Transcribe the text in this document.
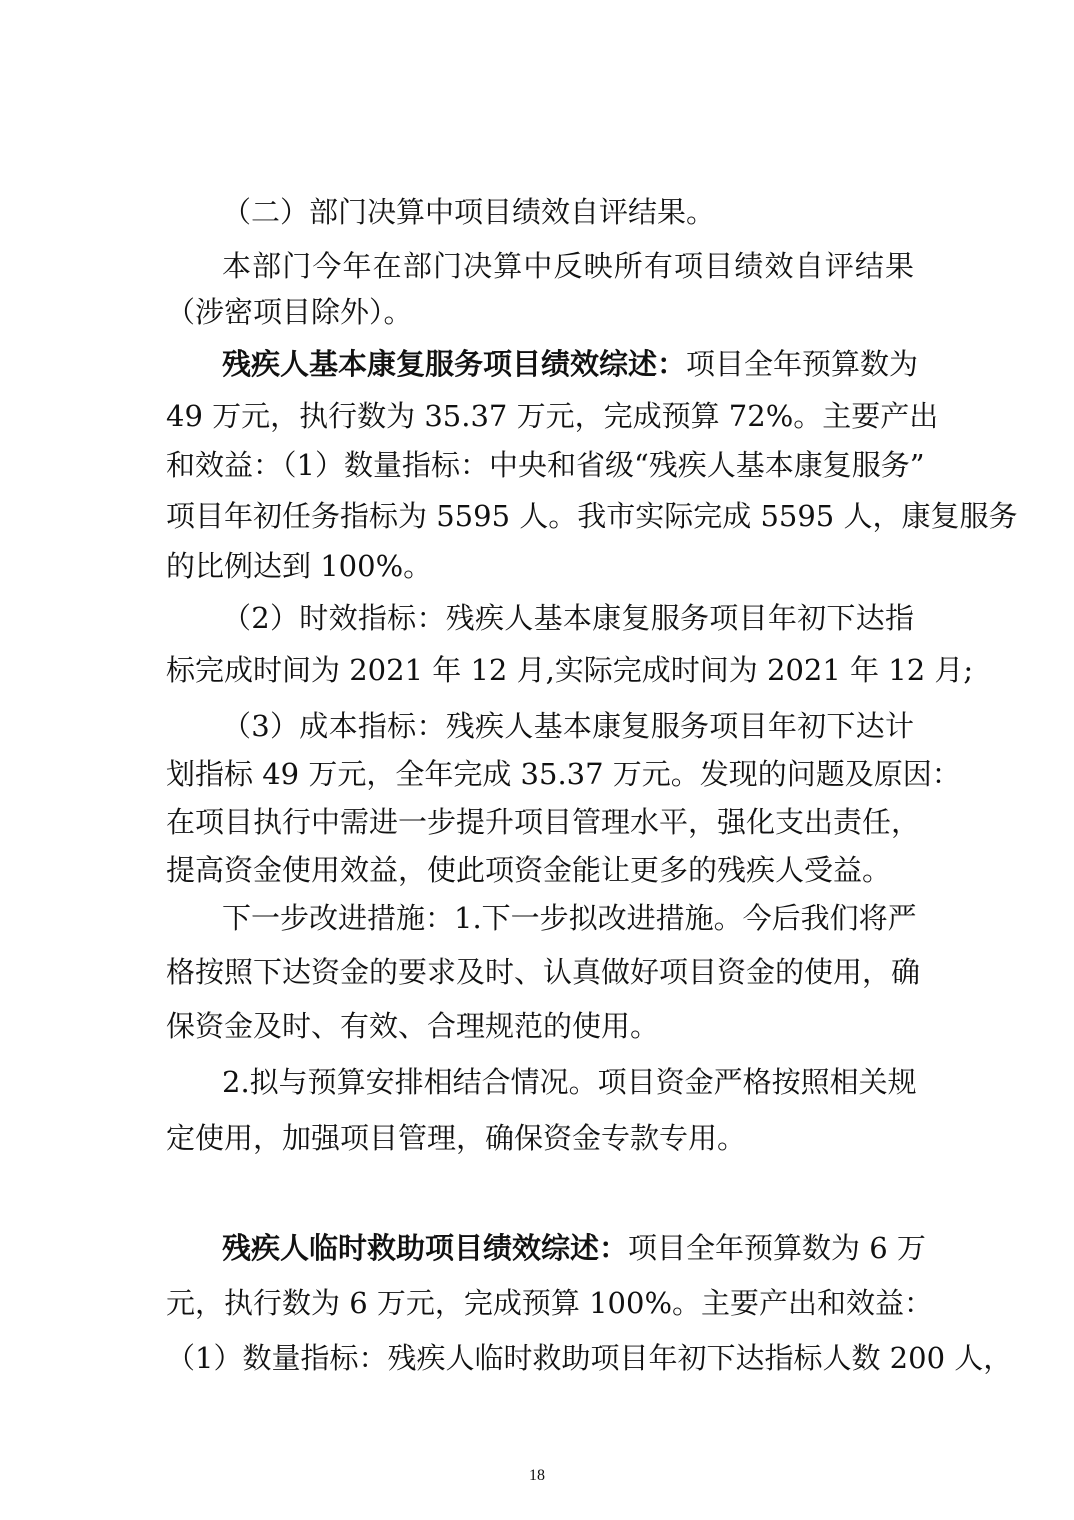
（二）部门决算中项目绩效自评结果。
本部门今年在部门决算中反映所有项目绩效自评结果
（涉密项目除外）。
残疾人基本康复服务项目绩效综述：项目全年预算数为
49 万元，执行数为 35.37 万元，完成预算 72%。主要产出
和效益：（1）数量指标：中央和省级“残疾人基本康复服务”
项目年初任务指标为 5595 人。我市实际完成 5595 人，康复服务
的比例达到 100%。
（2）时效指标：残疾人基本康复服务项目年初下达指
标完成时间为 2021 年 12 月,实际完成时间为 2021 年 12 月;
（3）成本指标：残疾人基本康复服务项目年初下达计
划指标 49 万元，全年完成 35.37 万元。发现的问题及原因：
在项目执行中需进一步提升项目管理水平，强化支出责任，
提高资金使用效益，使此项资金能让更多的残疾人受益。
下一步改进措施：1.下一步拟改进措施。今后我们将严
格按照下达资金的要求及时、认真做好项目资金的使用，确
保资金及时、有效、合理规范的使用。
2.拟与预算安排相结合情况。项目资金严格按照相关规
定使用，加强项目管理，确保资金专款专用。
残疾人临时救助项目绩效综述：项目全年预算数为 6 万
元，执行数为 6 万元，完成预算 100%。主要产出和效益：
（1）数量指标：残疾人临时救助项目年初下达指标人数 200 人，
18
